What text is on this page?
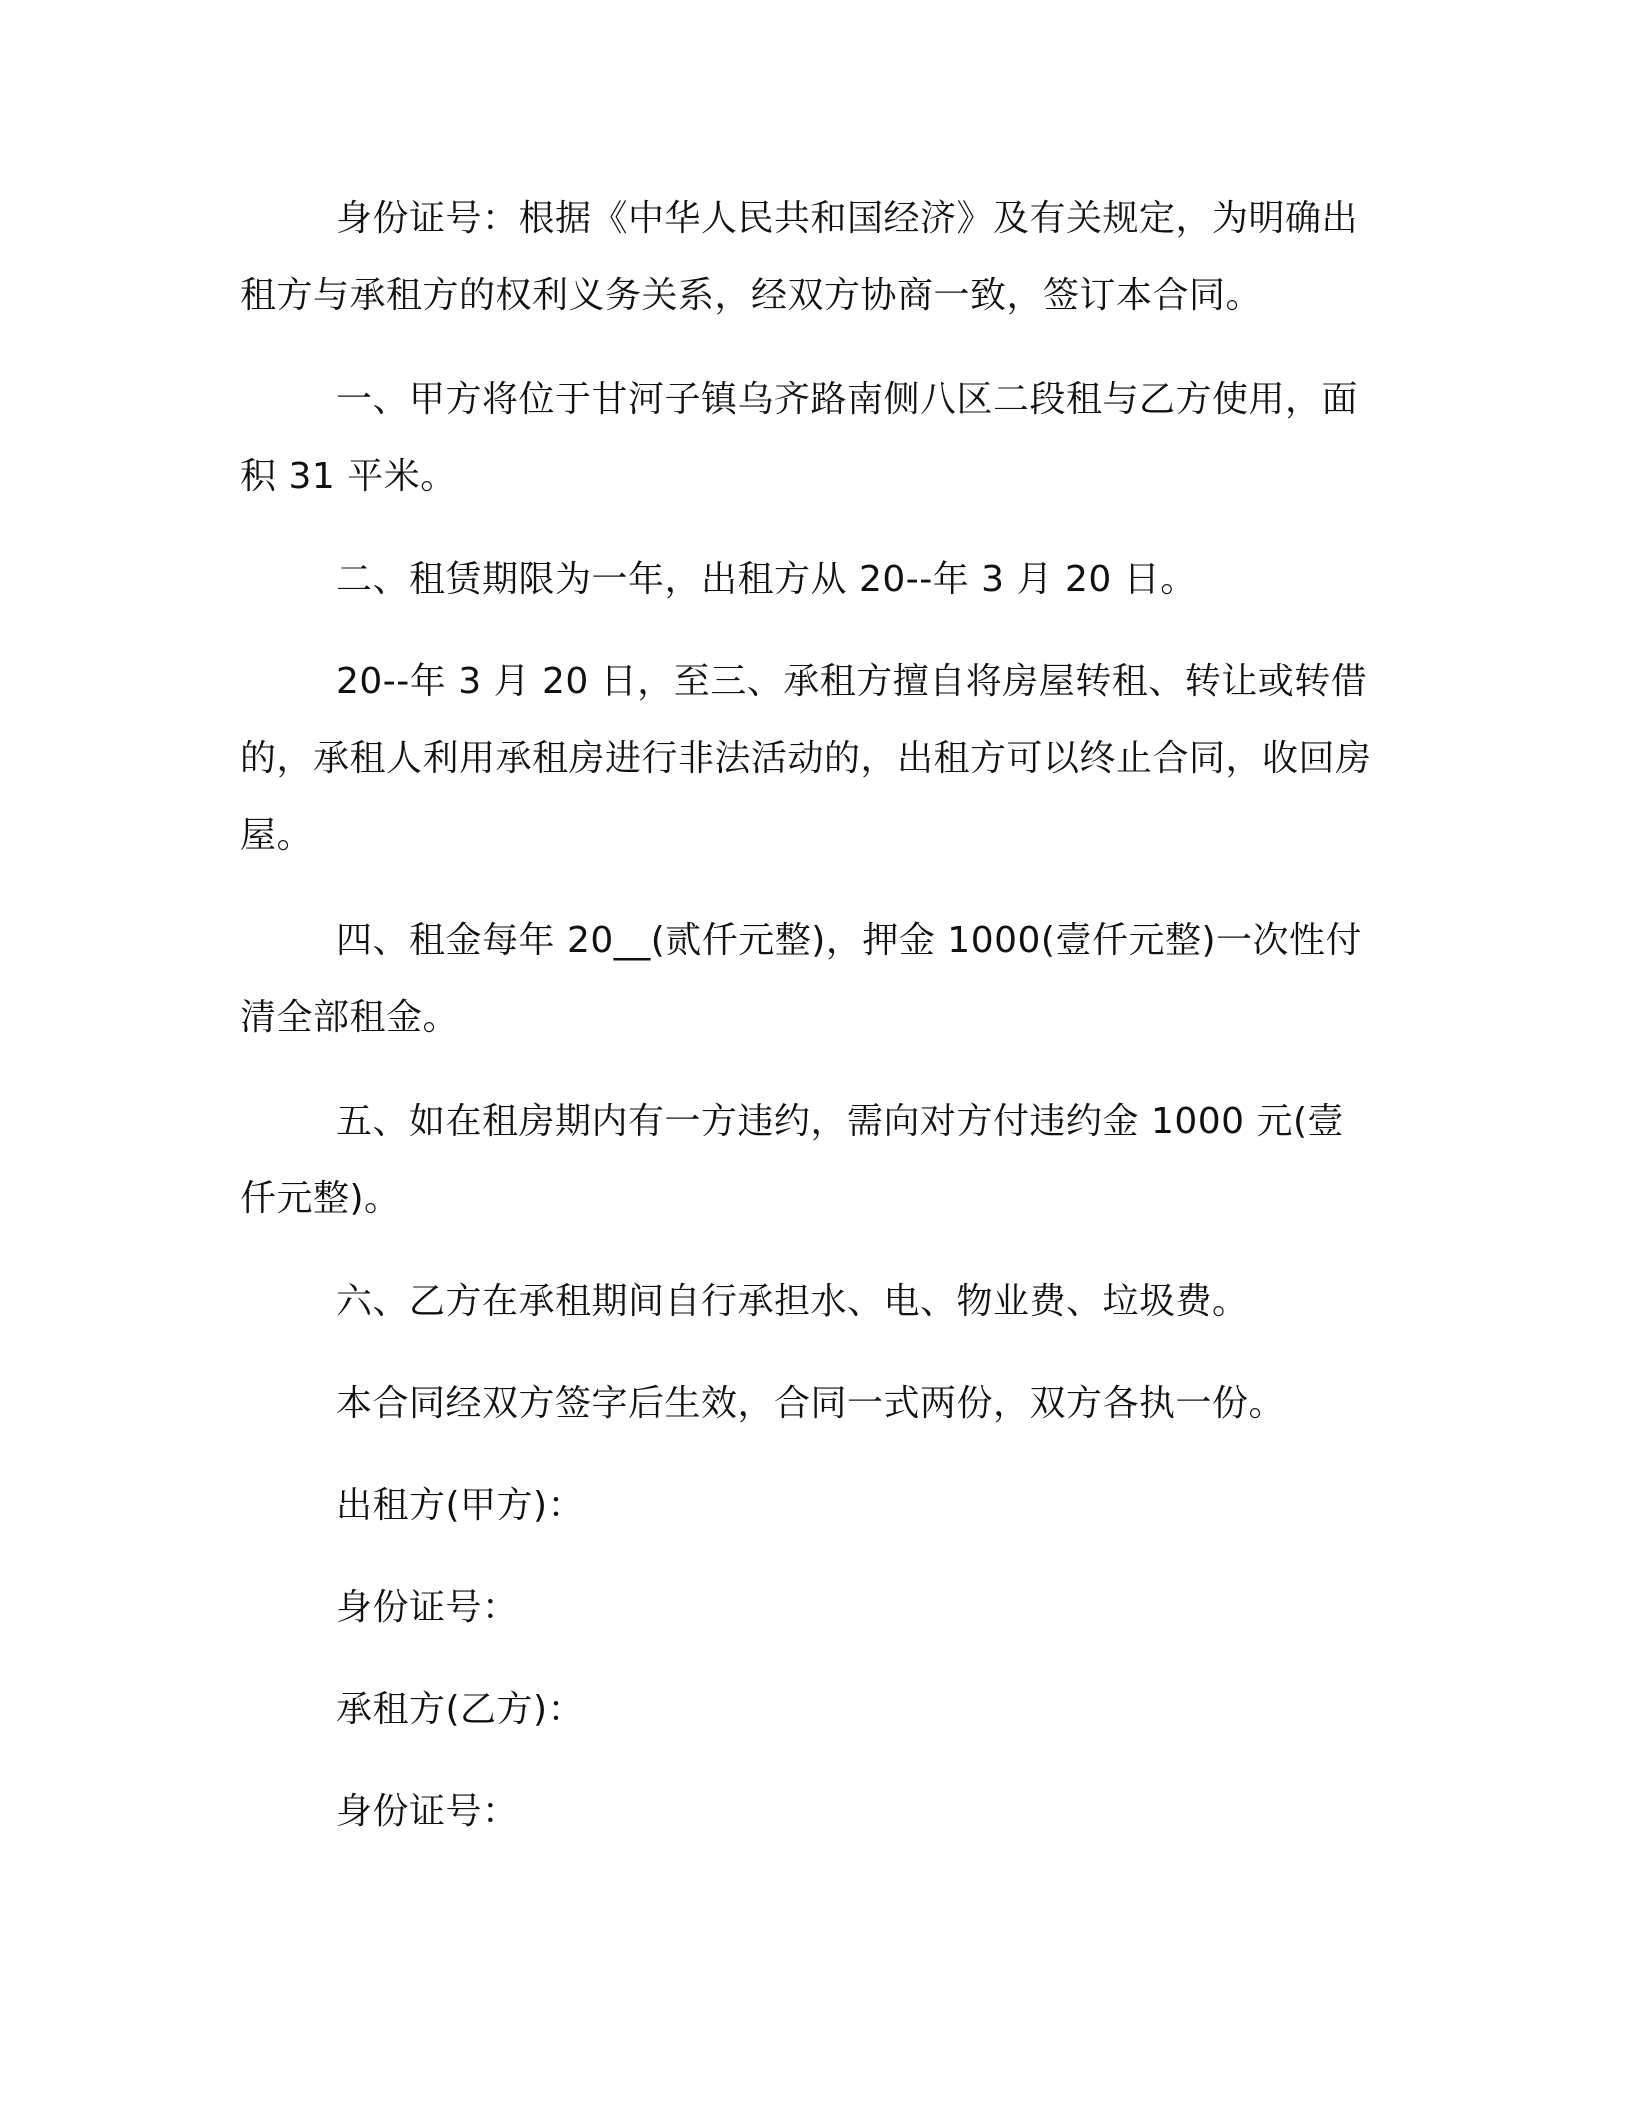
身份证号：根据《中华人民共和国经济》及有关规定，为明确出租方与承租方的权利义务关系，经双方协商一致，签订本合同。

一、甲方将位于甘河子镇乌齐路南侧八区二段租与乙方使用，面积 31 平米。

二、租赁期限为一年，出租方从 20--年 3 月 20 日。

20--年 3 月 20 日，至三、承租方擅自将房屋转租、转让或转借的，承租人利用承租房进行非法活动的，出租方可以终止合同，收回房屋。

四、租金每年 20__(贰仟元整)，押金 1000(壹仟元整)一次性付清全部租金。

五、如在租房期内有一方违约，需向对方付违约金 1000 元(壹仟元整)。

六、乙方在承租期间自行承担水、电、物业费、垃圾费。

本合同经双方签字后生效，合同一式两份，双方各执一份。

出租方(甲方)：

身份证号：

承租方(乙方)：

身份证号：
